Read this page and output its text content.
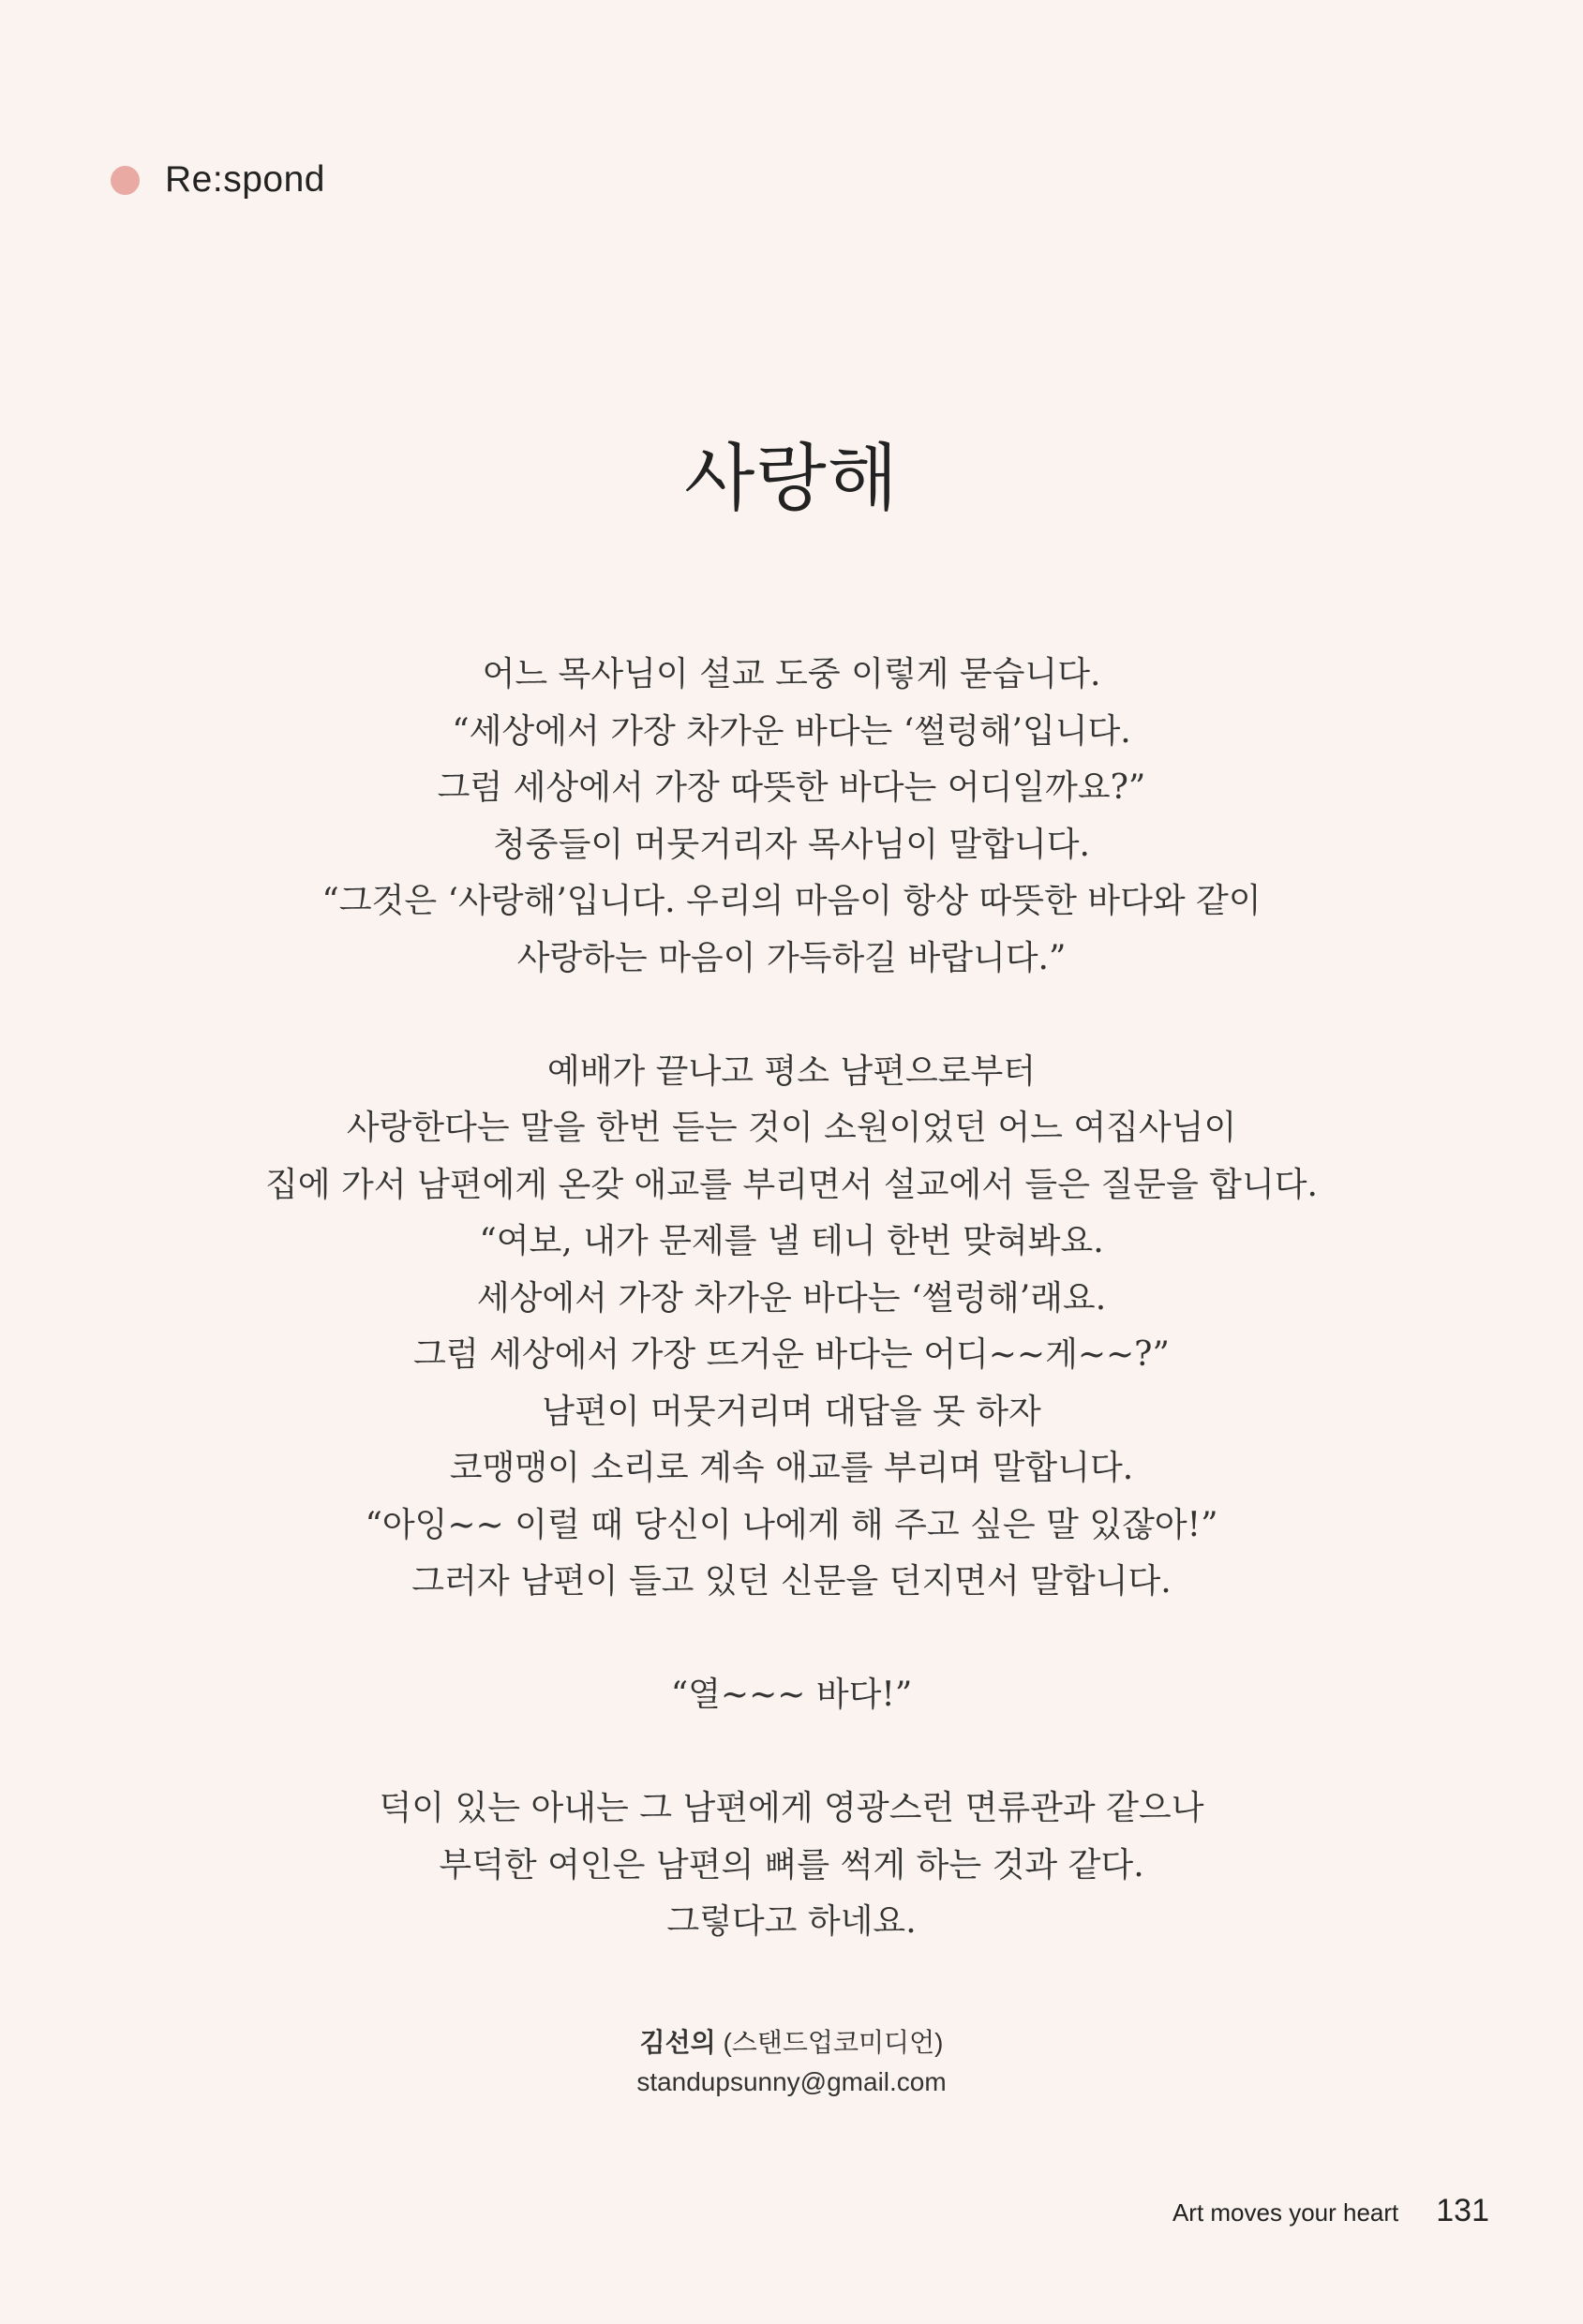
Re:spond
사랑해
어느 목사님이 설교 도중 이렇게 묻습니다.
“세상에서 가장 차가운 바다는 ‘썰렁해’입니다.
그럼 세상에서 가장 따뜻한 바다는 어디일까요?”
청중들이 머뭇거리자 목사님이 말합니다.
“그것은 ‘사랑해’입니다. 우리의 마음이 항상 따뜻한 바다와 같이
사랑하는 마음이 가득하길 바랍니다.”
예배가 끝나고 평소 남편으로부터
사랑한다는 말을 한번 듣는 것이 소원이었던 어느 여집사님이
집에 가서 남편에게 온갖 애교를 부리면서 설교에서 들은 질문을 합니다.
“여보, 내가 문제를 낼 테니 한번 맞혀봐요.
세상에서 가장 차가운 바다는 ‘썰렁해’래요.
그럼 세상에서 가장 뜨거운 바다는 어디~~게~~?”
남편이 머뭇거리며 대답을 못 하자
코맹맹이 소리로 계속 애교를 부리며 말합니다.
“아잉~~ 이럴 때 당신이 나에게 해 주고 싶은 말 있잖아!”
그러자 남편이 들고 있던 신문을 던지면서 말합니다.
“열~~~ 바다!”
덕이 있는 아내는 그 남편에게 영광스런 면류관과 같으나
부덕한 여인은 남편의 뼈를 썩게 하는 것과 같다.
그렇다고 하네요.
김선의 (스탠드업코미디언)
standupsunny@gmail.com
Art moves your heart 131
